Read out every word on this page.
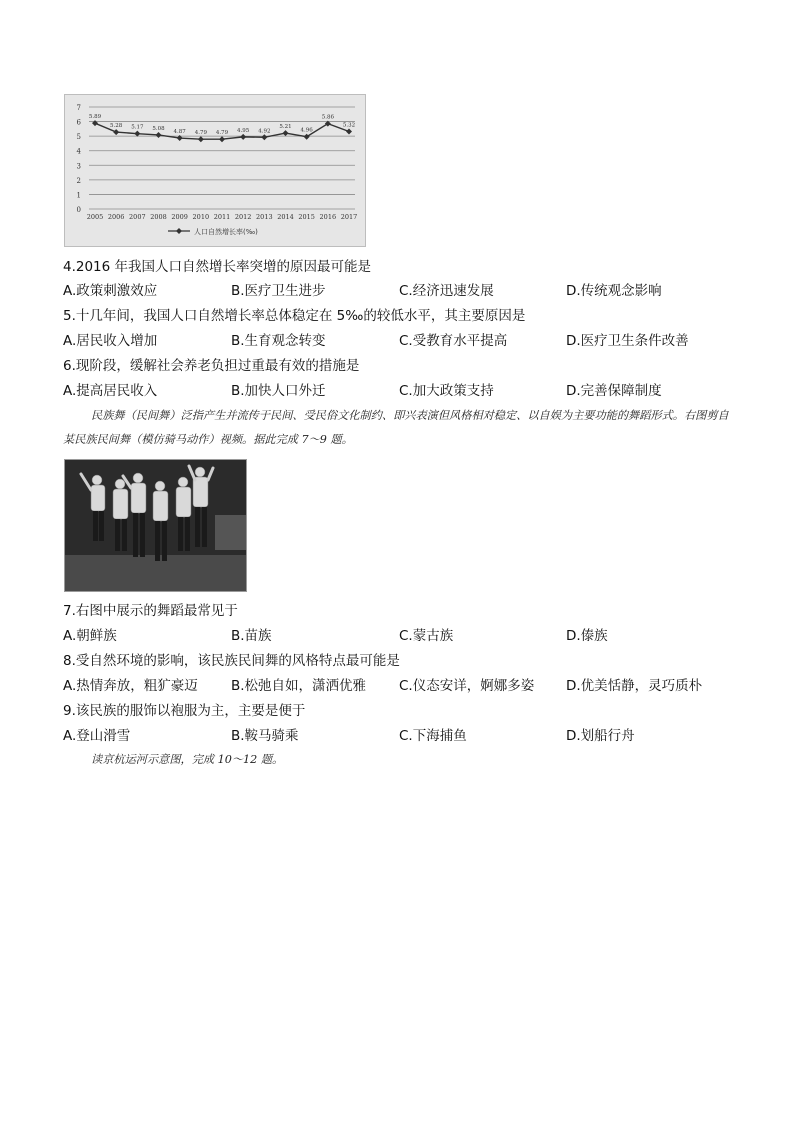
0
1
2
3
4
5
6
7
2005 2006 2007 2008 2009 2010 2011 2012 2013 2014 2015 2016 2017
5.89
5.28 5.17 5.08
4.87 4.79 4.79 4.95 4.92
5.21
4.96
5.86
5.32
人口自然增长率(‰)
4.2016 年我国人口自然增长率突增的原因最可能是
A.政策刺激效应	B.医疗卫生进步	C.经济迅速发展	D.传统观念影响
5.十几年间，我国人口自然增长率总体稳定在 5‰的较低水平，其主要原因是
A.居民收入增加	B.生育观念转变	C.受教育水平提高	D.医疗卫生条件改善
6.现阶段，缓解社会养老负担过重最有效的措施是
A.提高居民收入	B.加快人口外迁	C.加大政策支持	D.完善保障制度
民族舞（民间舞）泛指产生并流传于民间、受民俗文化制约、即兴表演但风格相对稳定、以自娱为主要功能的舞蹈形式。右图剪自某民族民间舞（模仿骑马动作）视频。据此完成 7～9 题。
7.右图中展示的舞蹈最常见于
A.朝鲜族	B.苗族	C.蒙古族	D.傣族
8.受自然环境的影响，该民族民间舞的风格特点最可能是
A.热情奔放，粗犷豪迈 B.松弛自如，潇洒优雅 C.仪态安详，婀娜多姿 D.优美恬静，灵巧质朴
9.该民族的服饰以袍服为主，主要是便于
A.登山滑雪	B.鞍马骑乘	C.下海捕鱼	D.划船行舟
读京杭运河示意图，完成 10～12 题。
